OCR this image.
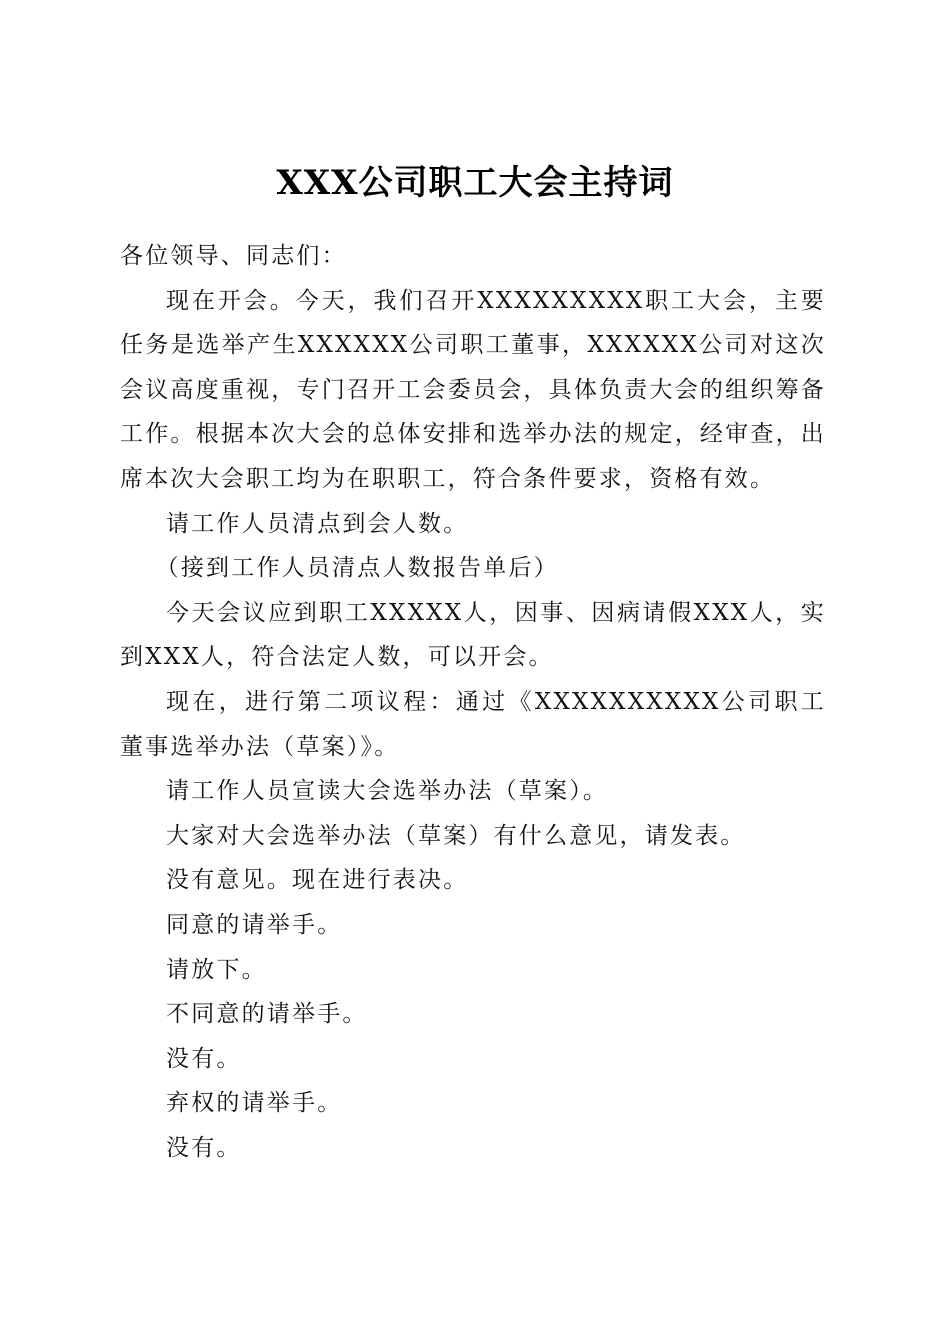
XXX公司职工大会主持词

各位领导、同志们：

现在开会。今天，我们召开XXXXXXXXX职工大会，主要任务是选举产生XXXXXX公司职工董事，XXXXXX公司对这次会议高度重视，专门召开工会委员会，具体负责大会的组织筹备工作。根据本次大会的总体安排和选举办法的规定，经审查，出席本次大会职工均为在职职工，符合条件要求，资格有效。

请工作人员清点到会人数。

（接到工作人员清点人数报告单后）

今天会议应到职工XXXXX人，因事、因病请假XXX人，实到XXX人，符合法定人数，可以开会。

现在，进行第二项议程：通过《XXXXXXXXXX公司职工董事选举办法（草案）》。

请工作人员宣读大会选举办法（草案）。

大家对大会选举办法（草案）有什么意见，请发表。

没有意见。现在进行表决。

同意的请举手。

请放下。

不同意的请举手。

没有。

弃权的请举手。

没有。
